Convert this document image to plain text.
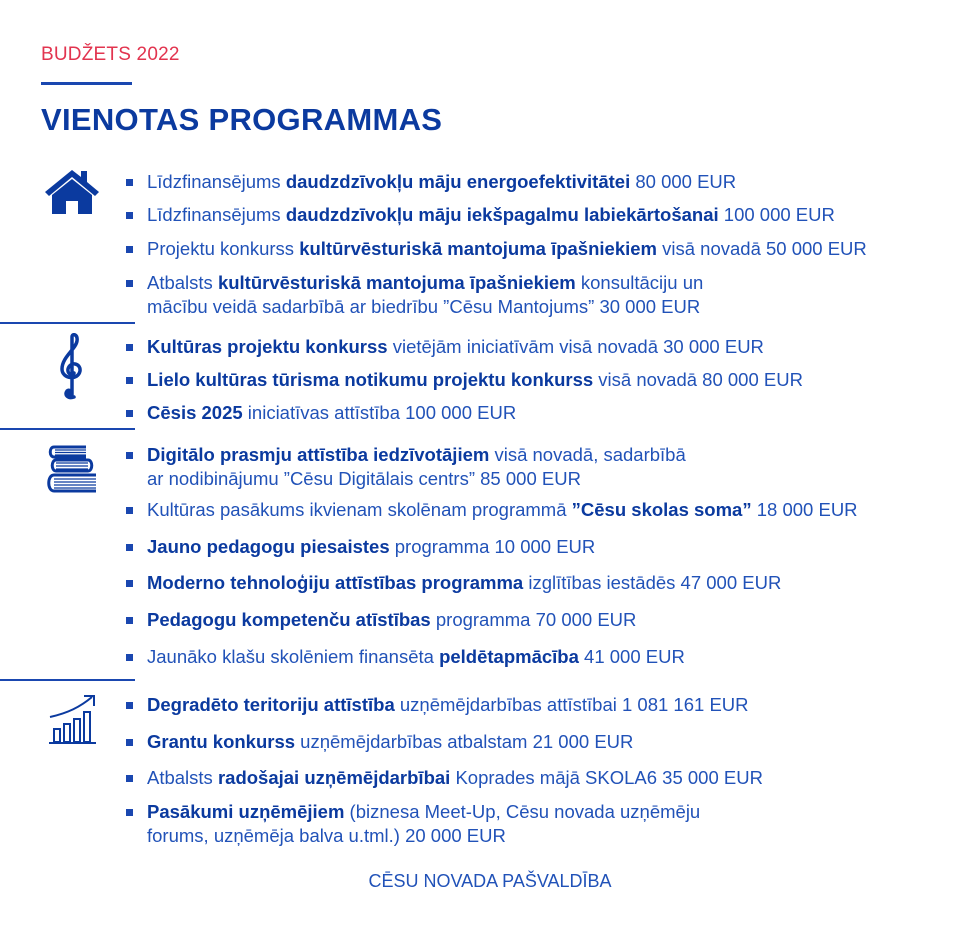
BUDŽETS 2022
VIENOTAS PROGRAMMAS
Līdzfinansējums daudzdzīvokļu māju energoefektivitātei 80 000 EUR
Līdzfinansējums daudzdzīvokļu māju iekšpagalmu labiekārtošanai 100 000 EUR
Projektu konkurss kultūrvēsturiskā mantojuma īpašniekiem visā novadā 50 000 EUR
Atbalsts kultūrvēsturiskā mantojuma īpašniekiem konsultāciju un
mācību veidā sadarbībā ar biedrību ”Cēsu Mantojums” 30 000 EUR
Kultūras projektu konkurss vietējām iniciatīvām visā novadā 30 000 EUR
Lielo kultūras tūrisma notikumu projektu konkurss visā novadā 80 000 EUR
Cēsis 2025 iniciatīvas attīstība 100 000 EUR
Digitālo prasmju attīstība iedzīvotājiem visā novadā, sadarbībā
ar nodibinājumu ”Cēsu Digitālais centrs” 85 000 EUR
Kultūras pasākums ikvienam skolēnam programmā ”Cēsu skolas soma” 18 000 EUR
Jauno pedagogu piesaistes programma 10 000 EUR
Moderno tehnoloģiju attīstības programma izglītības iestādēs 47 000 EUR
Pedagogu kompetenču atīstības programma 70 000 EUR
Jaunāko klašu skolēniem finansēta peldētapmācība 41 000 EUR
Degradēto teritoriju attīstība uzņēmējdarbības attīstībai 1 081 161 EUR
Grantu konkurss uzņēmējdarbības atbalstam 21 000 EUR
Atbalsts radošajai uzņēmējdarbībai Koprades mājā SKOLA6 35 000 EUR
Pasākumi uzņēmējiem (biznesa Meet-Up, Cēsu novada uzņēmēju
forums, uzņēmēja balva u.tml.) 20 000 EUR
CĒSU NOVADA PAŠVALDĪBA
